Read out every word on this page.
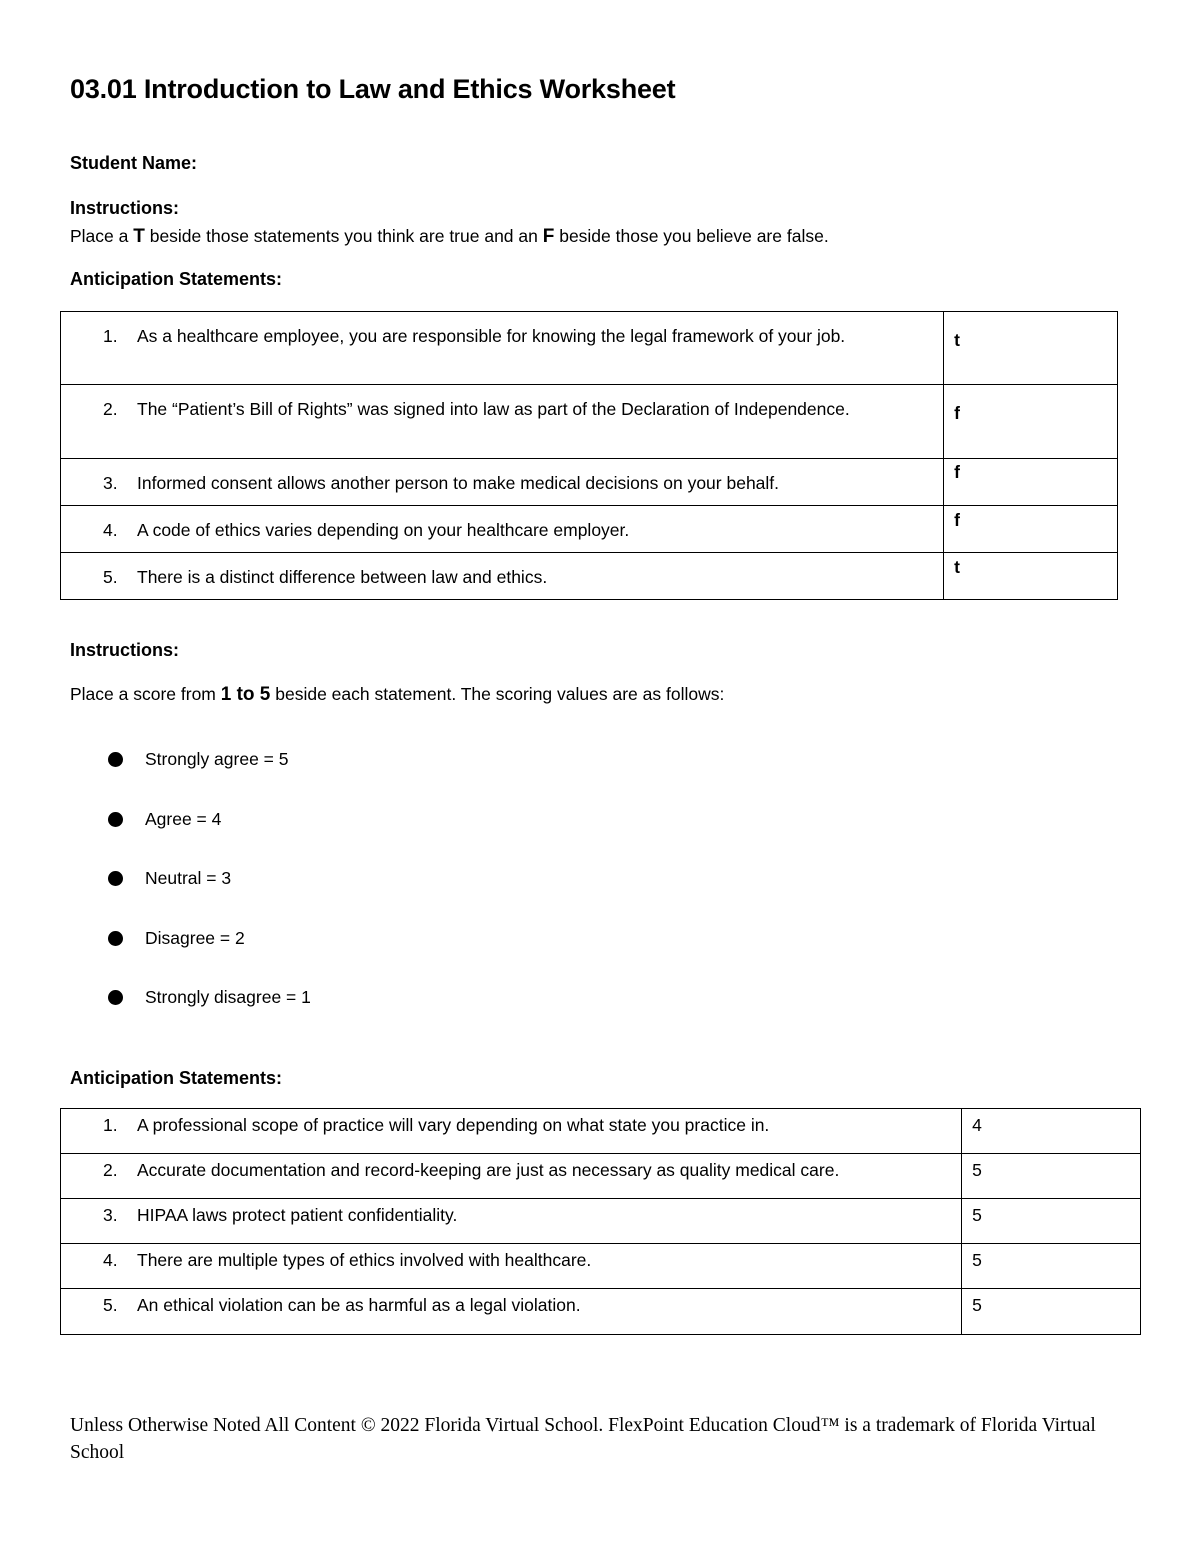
03.01 Introduction to Law and Ethics Worksheet
Student Name:
Instructions:
Place a T beside those statements you think are true and an F beside those you believe are false.
Anticipation Statements:
1. As a healthcare employee, you are responsible for knowing the legal framework of your job.	t

2. The “Patient’s Bill of Rights” was signed into law as part of the Declaration of Independence.	f

3. Informed consent allows another person to make medical decisions on your behalf.	f

4. A code of ethics varies depending on your healthcare employer.	f

5. There is a distinct difference between law and ethics.	t
Instructions:
Place a score from 1 to 5 beside each statement. The scoring values are as follows:
Strongly agree = 5
Agree = 4
Neutral = 3
Disagree = 2
Strongly disagree = 1
Anticipation Statements:
1. A professional scope of practice will vary depending on what state you practice in.	4

2. Accurate documentation and record-keeping are just as necessary as quality medical care.	5

3. HIPAA laws protect patient confidentiality.	5

4. There are multiple types of ethics involved with healthcare.	5

5. An ethical violation can be as harmful as a legal violation.	5
Unless Otherwise Noted All Content © 2022 Florida Virtual School. FlexPoint Education Cloud™ is a trademark of Florida Virtual School
